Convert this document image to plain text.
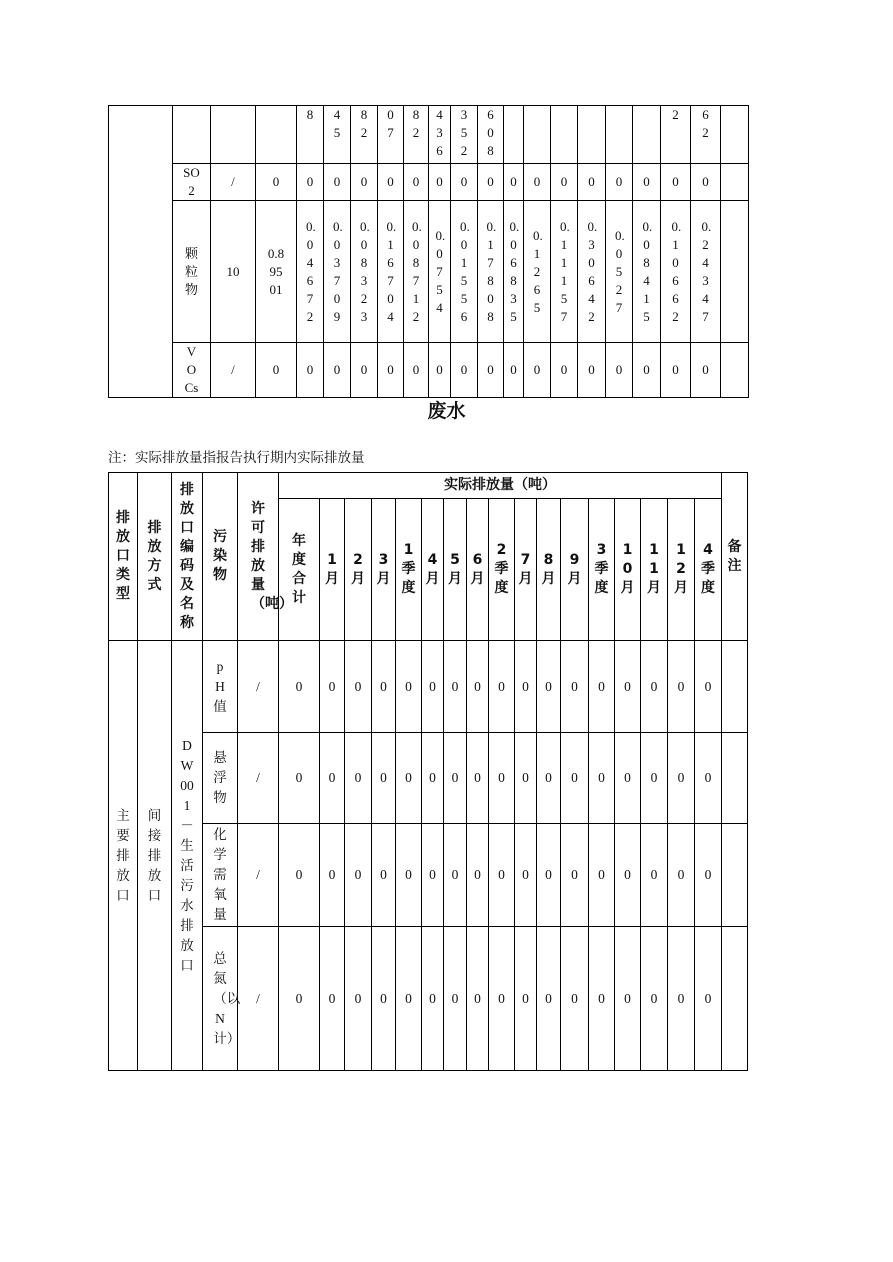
				8	45	82	07	82	436	352	608							2	62	
	SO2	/	0	0	0	0	0	0	0	0	0	0	0	0	0	0	0	0	0	
	颗粒物	10	0.89501	0.04672	0.03709	0.08323	0.16704	0.08712	0.0754	0.01556	0.17808	0.06835	0.1265	0.11157	0.30642	0.0527	0.08415	0.10662	0.24347	
	VOCs	/	0	0	0	0	0	0	0	0	0	0	0	0	0	0	0	0	0	
废水
注：实际排放量指报告执行期内实际排放量
排放口类型	排放方式	排放口编码及名称	污染物	许可排放量（吨）	实际排放量（吨）																	备注
					年度合计	1月	2月	3月	1季度	4月	5月	6月	2季度	7月	8月	9月	3季度	10月	11月	12月	4季度	
主要排放口	间接排放口	DW001－生活污水排放口	pH值	/	0	0	0	0	0	0	0	0	0	0	0	0	0	0	0	0	0	
			悬浮物	/	0	0	0	0	0	0	0	0	0	0	0	0	0	0	0	0	0	
			化学需氧量	/	0	0	0	0	0	0	0	0	0	0	0	0	0	0	0	0	0	
			总氮（以N计）	/	0	0	0	0	0	0	0	0	0	0	0	0	0	0	0	0	0	
